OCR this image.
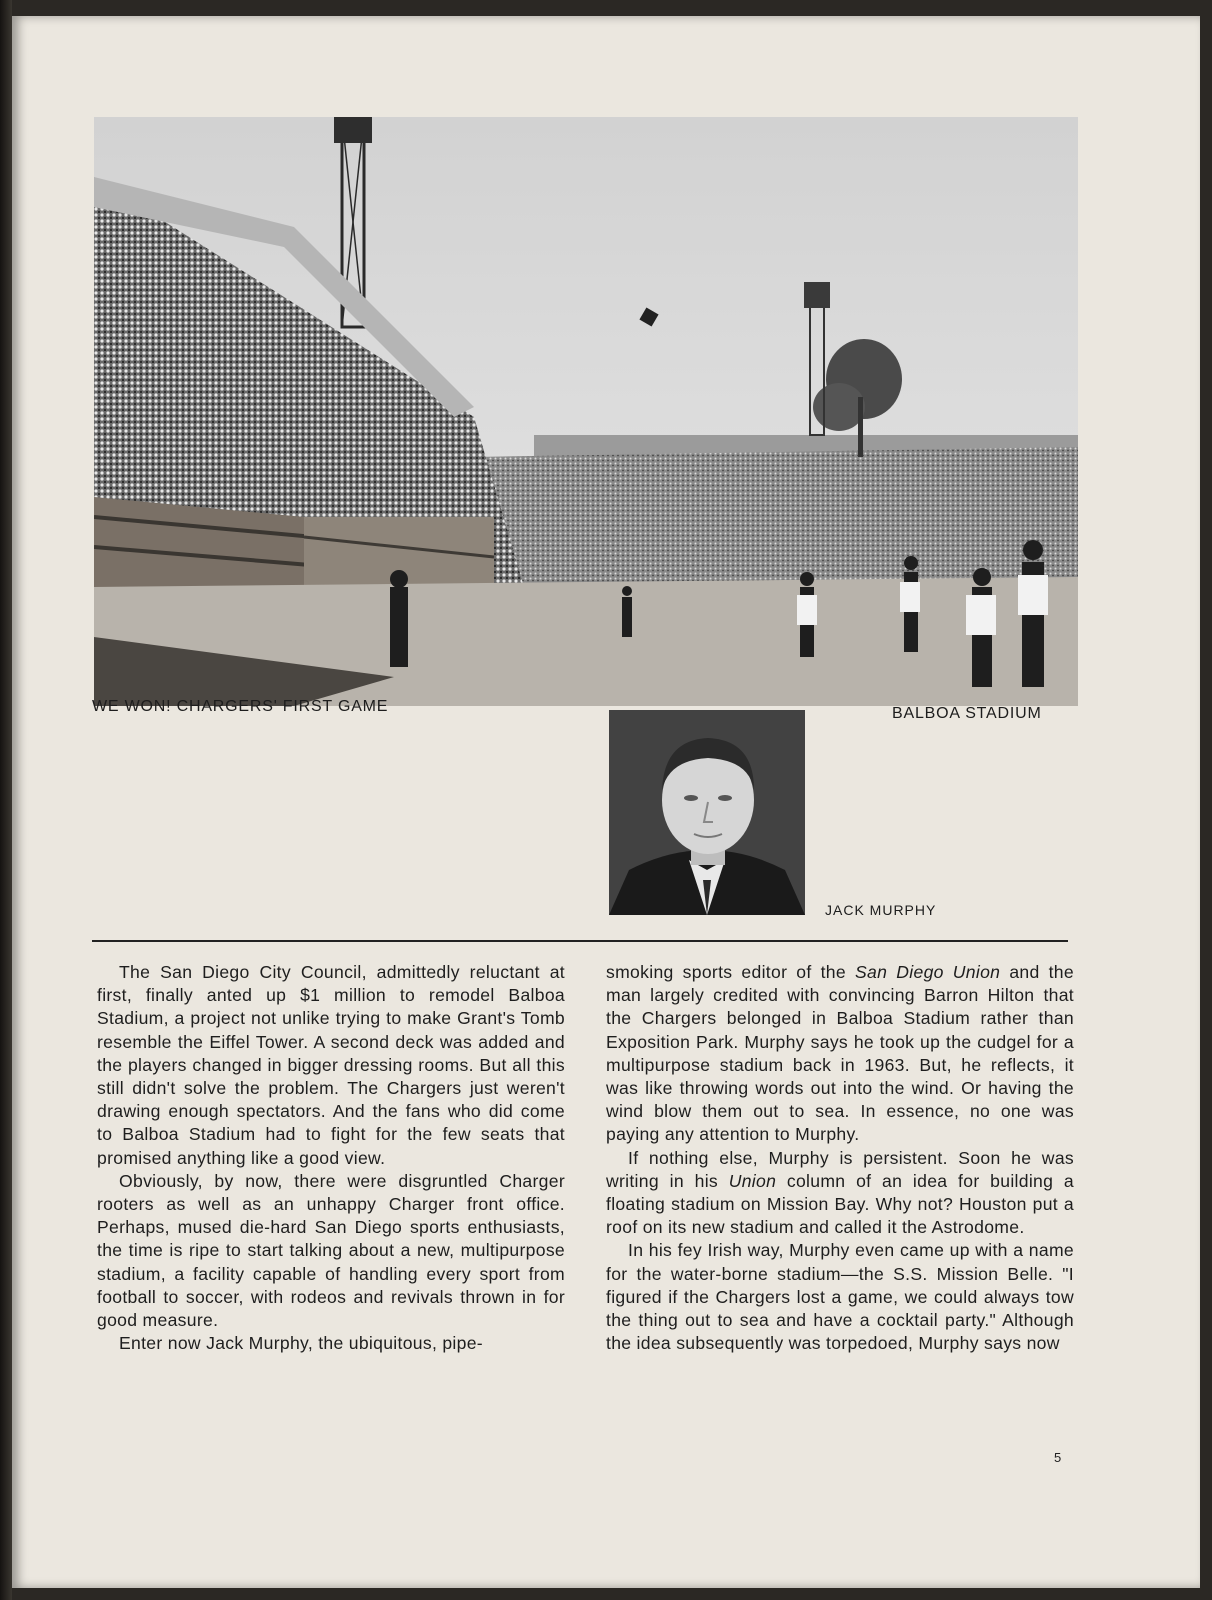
WE WON! CHARGERS' FIRST GAME	BALBOA STADIUM
JACK MURPHY

The San Diego City Council, admittedly reluctant at first, finally anted up $1 million to remodel Balboa Stadium, a project not unlike trying to make Grant's Tomb resemble the Eiffel Tower. A second deck was added and the players changed in bigger dressing rooms. But all this still didn't solve the problem. The Chargers just weren't drawing enough spectators. And the fans who did come to Balboa Stadium had to fight for the few seats that promised anything like a good view.

Obviously, by now, there were disgruntled Charger rooters as well as an unhappy Charger front office. Perhaps, mused die-hard San Diego sports enthusiasts, the time is ripe to start talking about a new, multipurpose stadium, a facility capable of handling every sport from football to soccer, with rodeos and revivals thrown in for good measure.

Enter now Jack Murphy, the ubiquitous, pipe-

smoking sports editor of the San Diego Union and the man largely credited with convincing Barron Hilton that the Chargers belonged in Balboa Stadium rather than Exposition Park. Murphy says he took up the cudgel for a multipurpose stadium back in 1963. But, he reflects, it was like throwing words out into the wind. Or having the wind blow them out to sea. In essence, no one was paying any attention to Murphy.

If nothing else, Murphy is persistent. Soon he was writing in his Union column of an idea for building a floating stadium on Mission Bay. Why not? Houston put a roof on its new stadium and called it the Astrodome.

In his fey Irish way, Murphy even came up with a name for the water-borne stadium—the S.S. Mission Belle. "I figured if the Chargers lost a game, we could always tow the thing out to sea and have a cocktail party." Although the idea subsequently was torpedoed, Murphy says now

5
